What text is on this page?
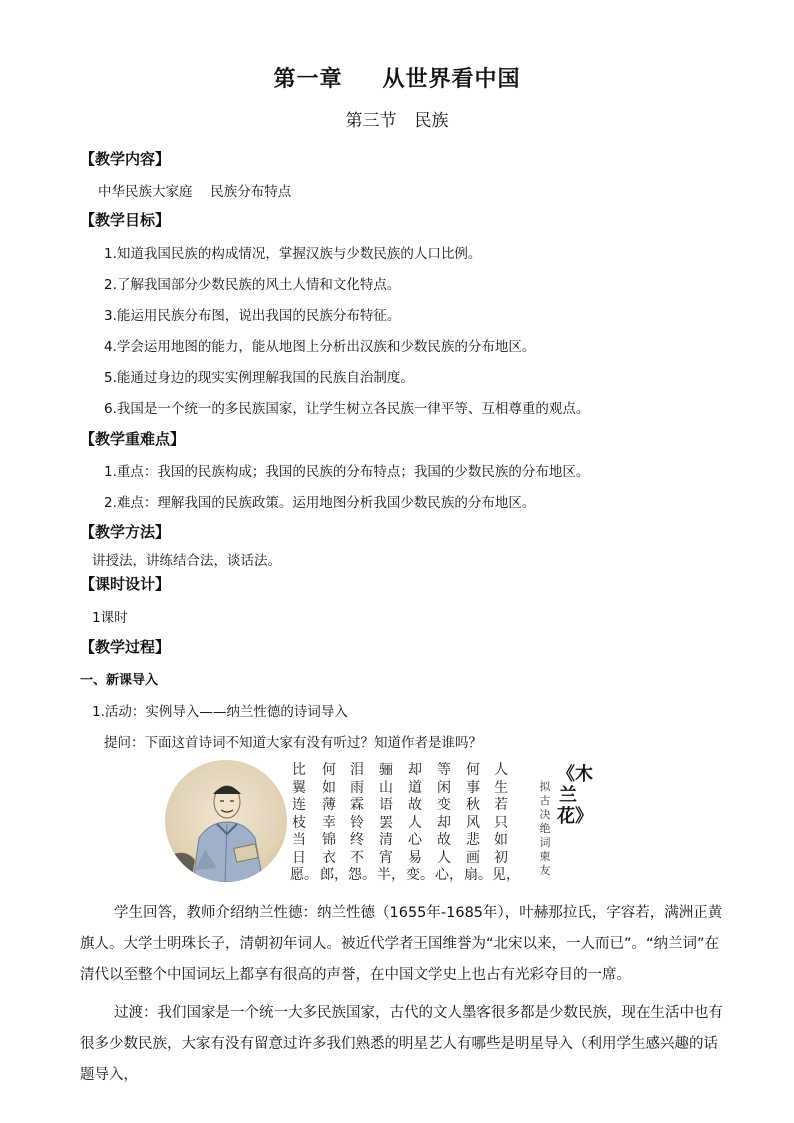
第一章 从世界看中国
第三节 民族
【教学内容】
中华民族大家庭　 民族分布特点
【教学目标】
1.知道我国民族的构成情况，掌握汉族与少数民族的人口比例。
2.了解我国部分少数民族的风土人情和文化特点。
3.能运用民族分布图，说出我国的民族分布特征。
4.学会运用地图的能力，能从地图上分析出汉族和少数民族的分布地区。
5.能通过身边的现实实例理解我国的民族自治制度。
6.我国是一个统一的多民族国家，让学生树立各民族一律平等、互相尊重的观点。
【教学重难点】
1.重点：我国的民族构成；我国的民族的分布特点；我国的少数民族的分布地区。
2.难点：理解我国的民族政策。运用地图分析我国少数民族的分布地区。
【教学方法】
讲授法，讲练结合法，谈话法。
【课时设计】
1课时
【教学过程】
一、新课导入
1.活动：实例导入——纳兰性德的诗词导入
提问：下面这首诗词不知道大家有没有听过？知道作者是谁吗？
比翼连枝当日愿。
何如薄幸锦衣郎，
泪雨霖铃终不怨。
骊山语罢清宵半，
却道故人心易变。
等闲变却故人心，
何事秋风悲画扇。
人生若只如初见，
拟古决绝词柬友
《木兰花》

学生回答，教师介绍纳兰性德：纳兰性德（1655年-1685年），叶赫那拉氏，字容若，满洲正黄旗人。大学士明珠长子，清朝初年词人。被近代学者王国维誉为“北宋以来，一人而已”。“纳兰词”在清代以至整个中国词坛上都享有很高的声誉，在中国文学史上也占有光彩夺目的一席。

过渡：我们国家是一个统一大多民族国家，古代的文人墨客很多都是少数民族，现在生活中也有很多少数民族，大家有没有留意过许多我们熟悉的明星艺人有哪些是明星导入（利用学生感兴趣的话题导入，
